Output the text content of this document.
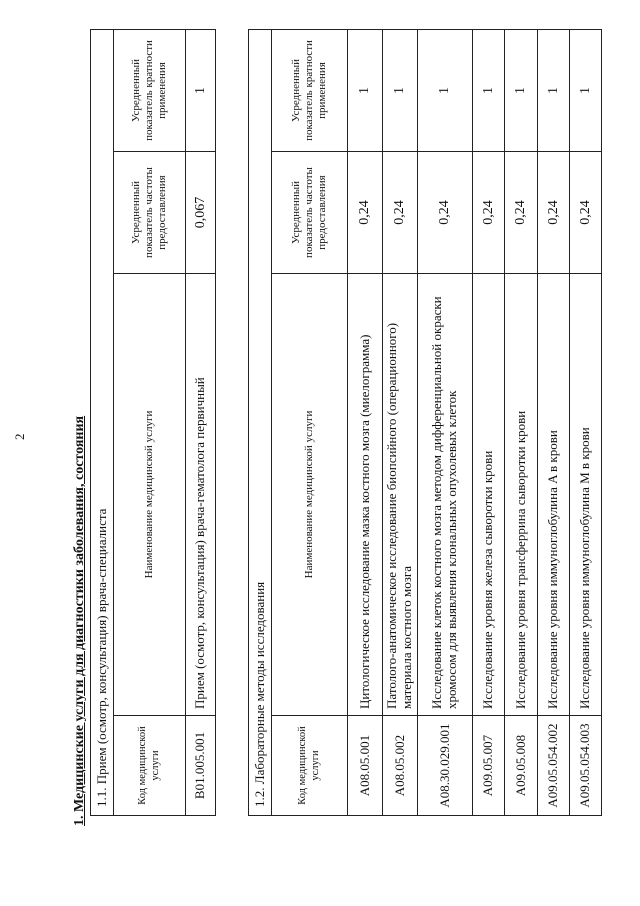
2	1. Медицинские услуги для диагностики заболевания, состояния 1.1. Прием (осмотр, консультация) врача-специалиста			
Код медицинской услуги	Наименование медицинской услуги	Усредненный показатель частоты предоставления	Усредненный показатель кратности применения
B01.005.001	Прием (осмотр, консультация) врача-гематолога первичный	0,067	1
1.2. Лабораторные методы исследования			
Код медицинской услуги	Наименование медицинской услуги	Усредненный показатель частоты предоставления	Усредненный показатель кратности применения
A08.05.001	Цитологическое исследование мазка костного мозга (миелограмма)	0,24	1
A08.05.002	Патолого-анатомическое исследование биопсийного (операционного) материала костного мозга	0,24	1
A08.30.029.001	Исследование клеток костного мозга методом дифференциальной окраски хромосом для выявления клональных опухолевых клеток	0,24	1
A09.05.007	Исследование уровня железа сыворотки крови	0,24	1
A09.05.008	Исследование уровня трансферрина сыворотки крови	0,24	1
A09.05.054.002	Исследование уровня иммуноглобулина A в крови	0,24	1
A09.05.054.003	Исследование уровня иммуноглобулина M в крови	0,24	1
